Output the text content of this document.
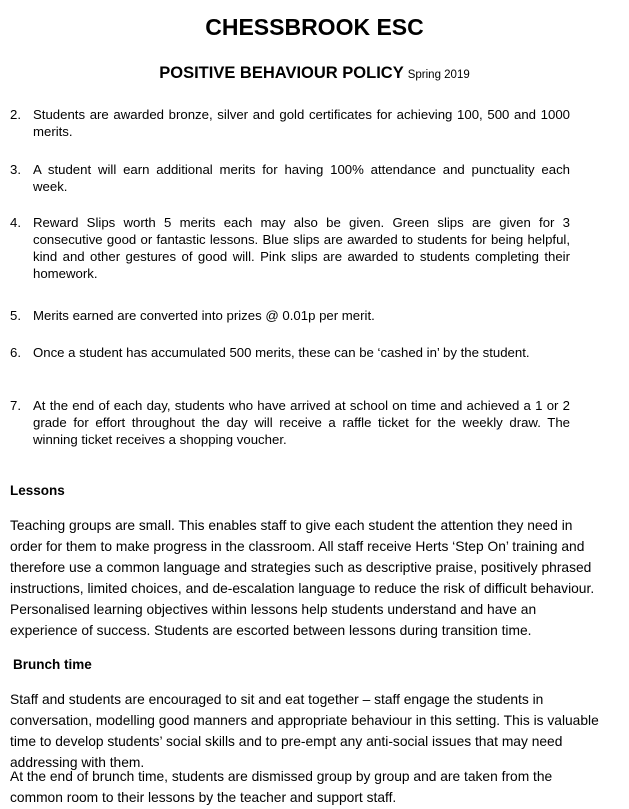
CHESSBROOK ESC
POSITIVE BEHAVIOUR POLICY Spring 2019
2. Students are awarded bronze, silver and gold certificates for achieving 100, 500 and 1000 merits.
3. A student will earn additional merits for having 100% attendance and punctuality each week.
4. Reward Slips worth 5 merits each may also be given. Green slips are given for 3 consecutive good or fantastic lessons. Blue slips are awarded to students for being helpful, kind and other gestures of good will. Pink slips are awarded to students completing their homework.
5. Merits earned are converted into prizes @ 0.01p per merit.
6. Once a student has accumulated 500 merits, these can be ‘cashed in’ by the student.
7. At the end of each day, students who have arrived at school on time and achieved a 1 or 2 grade for effort throughout the day will receive a raffle ticket for the weekly draw. The winning ticket receives a shopping voucher.
Lessons
Teaching groups are small. This enables staff to give each student the attention they need in order for them to make progress in the classroom. All staff receive Herts ‘Step On’ training and therefore use a common language and strategies such as descriptive praise, positively phrased instructions, limited choices, and de-escalation language to reduce the risk of difficult behaviour. Personalised learning objectives within lessons help students understand and have an experience of success. Students are escorted between lessons during transition time.
Brunch time
Staff and students are encouraged to sit and eat together – staff engage the students in conversation, modelling good manners and appropriate behaviour in this setting. This is valuable time to develop students’ social skills and to pre-empt any anti-social issues that may need addressing with them.
At the end of brunch time, students are dismissed group by group and are taken from the common room to their lessons by the teacher and support staff.
